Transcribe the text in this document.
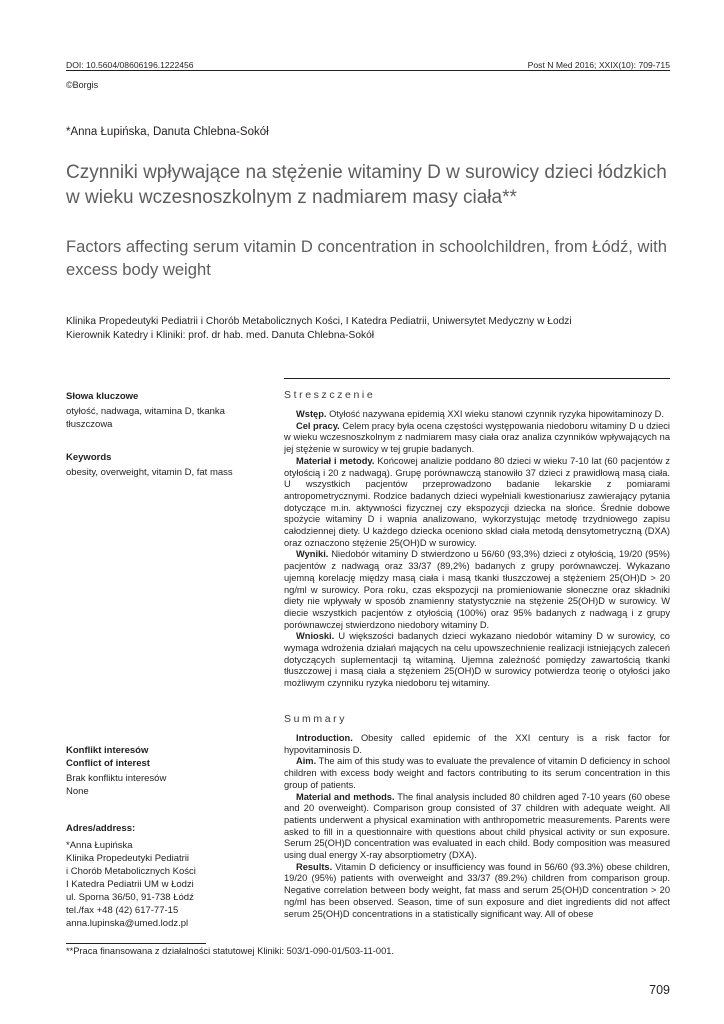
DOI: 10.5604/08606196.1222456	Post N Med 2016; XXIX(10): 709-715
©Borgis
*Anna Łupińska, Danuta Chlebna-Sokół
Czynniki wpływające na stężenie witaminy D w surowicy dzieci łódzkich w wieku wczesnoszkolnym z nadmiarem masy ciała**
Factors affecting serum vitamin D concentration in schoolchildren, from Łódź, with excess body weight
Klinika Propedeutyki Pediatrii i Chorób Metabolicznych Kości, I Katedra Pediatrii, Uniwersytet Medyczny w Łodzi
Kierownik Katedry i Kliniki: prof. dr hab. med. Danuta Chlebna-Sokół
Słowa kluczowe
otyłość, nadwaga, witamina D, tkanka tłuszczowa
Keywords
obesity, overweight, vitamin D, fat mass
Konflikt interesów
Conflict of interest
Brak konfliktu interesów
None
Adres/address:
*Anna Łupińska
Klinika Propedeutyki Pediatrii
i Chorób Metabolicznych Kości
I Katedra Pediatrii UM w Łodzi
ul. Sporna 36/50, 91-738 Łódź
tel./fax +48 (42) 617-77-15
anna.lupinska@umed.lodz.pl
Streszczenie

Wstęp. Otyłość nazywana epidemią XXI wieku stanowi czynnik ryzyka hipowitaminozy D.

Cel pracy. Celem pracy była ocena częstości występowania niedoboru witaminy D u dzieci w wieku wczesnoszkolnym z nadmiarem masy ciała oraz analiza czynników wpływających na jej stężenie w surowicy w tej grupie badanych.

Materiał i metody. Końcowej analizie poddano 80 dzieci w wieku 7-10 lat (60 pacjentów z otyłością i 20 z nadwagą). Grupę porównawczą stanowiło 37 dzieci z prawidłową masą ciała. U wszystkich pacjentów przeprowadzono badanie lekarskie z pomiarami antropometrycznymi. Rodzice badanych dzieci wypełniali kwestionariusz zawierający pytania dotyczące m.in. aktywności fizycznej czy ekspozycji dziecka na słońce. Średnie dobowe spożycie witaminy D i wapnia analizowano, wykorzystując metodę trzydniowego zapisu całodziennej diety. U każdego dziecka oceniono skład ciała metodą densytometryczną (DXA) oraz oznaczono stężenie 25(OH)D w surowicy.

Wyniki. Niedobór witaminy D stwierdzono u 56/60 (93,3%) dzieci z otyłością, 19/20 (95%) pacjentów z nadwagą oraz 33/37 (89,2%) badanych z grupy porównawczej. Wykazano ujemną korelację między masą ciała i masą tkanki tłuszczowej a stężeniem 25(OH)D > 20 ng/ml w surowicy. Pora roku, czas ekspozycji na promieniowanie słoneczne oraz składniki diety nie wpływały w sposób znamienny statystycznie na stężenie 25(OH)D w surowicy. W diecie wszystkich pacjentów z otyłością (100%) oraz 95% badanych z nadwagą i z grupy porównawczej stwierdzono niedobory witaminy D.

Wnioski. U większości badanych dzieci wykazano niedobór witaminy D w surowicy, co wymaga wdrożenia działań mających na celu upowszechnienie realizacji istniejących zaleceń dotyczących suplementacji tą witaminą. Ujemna zależność pomiędzy zawartością tkanki tłuszczowej i masą ciała a stężeniem 25(OH)D w surowicy potwierdza teorię o otyłości jako możliwym czynniku ryzyka niedoboru tej witaminy.

Summary

Introduction. Obesity called epidemic of the XXI century is a risk factor for hypovitaminosis D.

Aim. The aim of this study was to evaluate the prevalence of vitamin D deficiency in school children with excess body weight and factors contributing to its serum concentration in this group of patients.

Material and methods. The final analysis included 80 children aged 7-10 years (60 obese and 20 overweight). Comparison group consisted of 37 children with adequate weight. All patients underwent a physical examination with anthropometric measurements. Parents were asked to fill in a questionnaire with questions about child physical activity or sun exposure. Serum 25(OH)D concentration was evaluated in each child. Body composition was measured using dual energy X-ray absorptiometry (DXA).

Results. Vitamin D deficiency or insufficiency was found in 56/60 (93.3%) obese children, 19/20 (95%) patients with overweight and 33/37 (89.2%) children from comparison group. Negative correlation between body weight, fat mass and serum 25(OH)D concentration > 20 ng/ml has been observed. Season, time of sun exposure and diet ingredients did not affect serum 25(OH)D concentrations in a statistically significant way. All of obese

**Praca finansowana z działalności statutowej Kliniki: 503/1-090-01/503-11-001.
709
